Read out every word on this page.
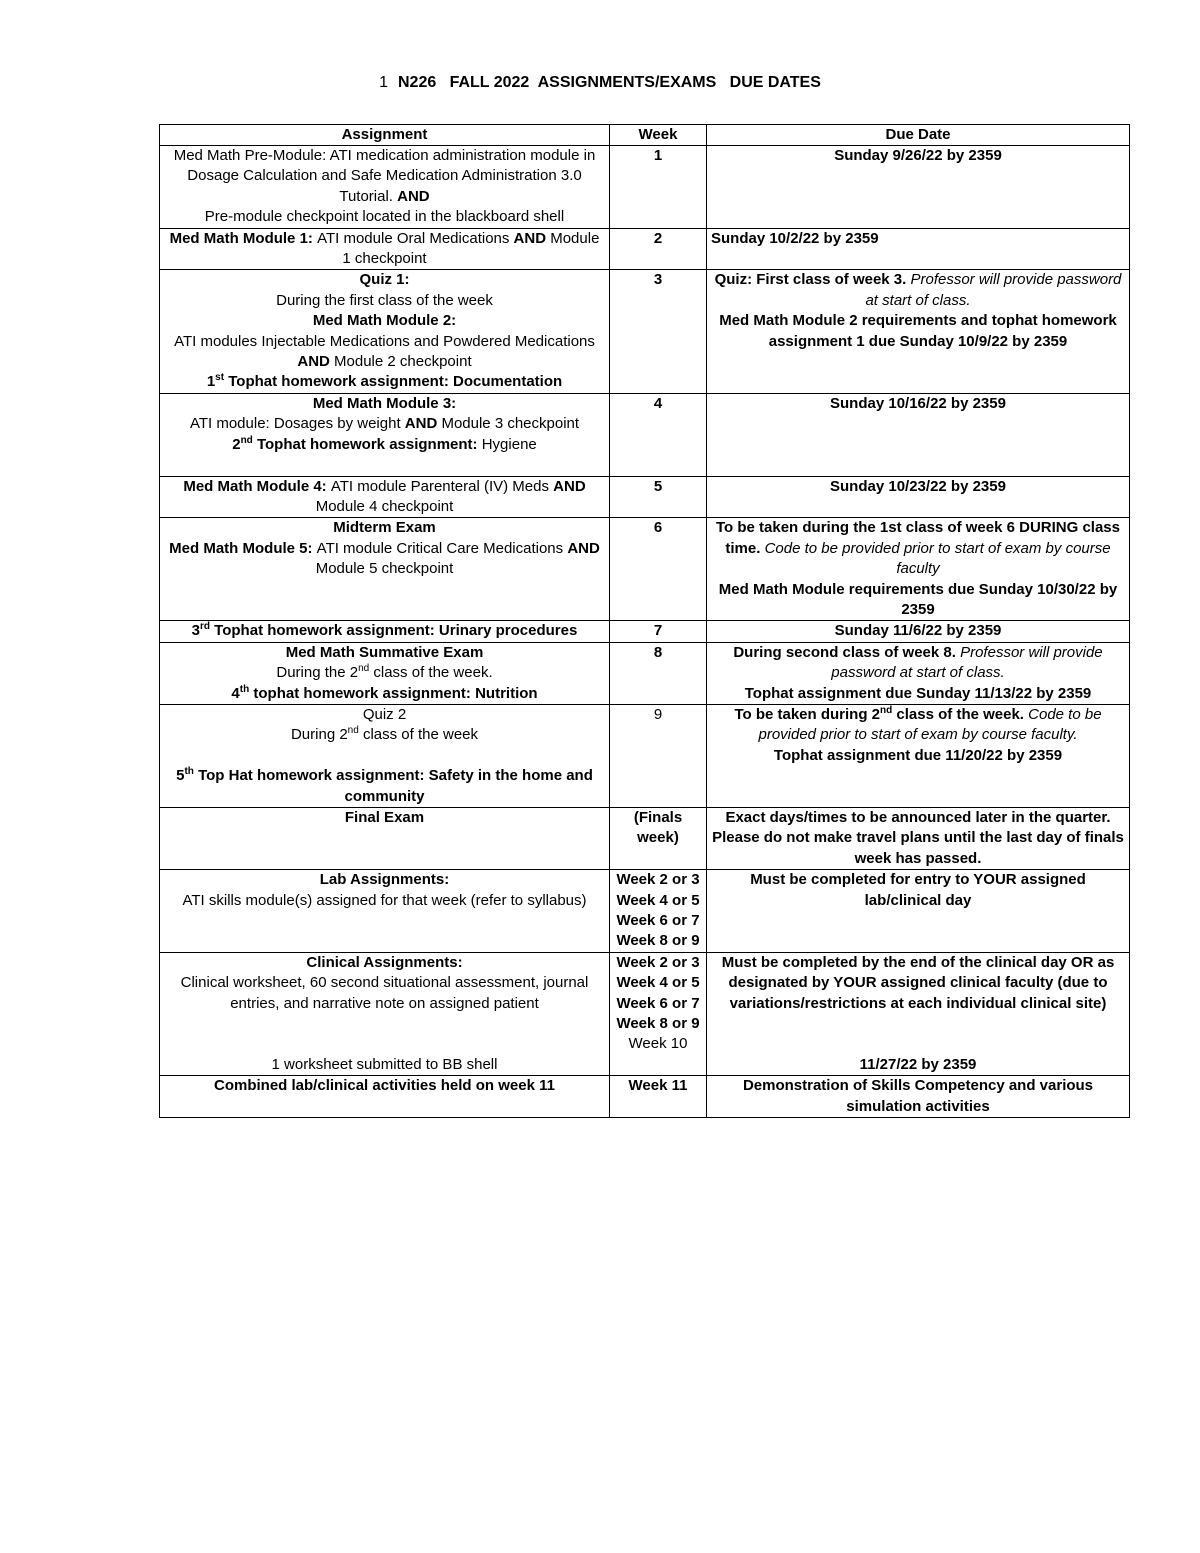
1 N226   FALL 2022  ASSIGNMENTS/EXAMS   DUE DATES
Assignment	Week	Due Date

Med Math Pre-Module: ATI medication administration module in Dosage Calculation and Safe Medication Administration 3.0 Tutorial. AND
Pre-module checkpoint located in the blackboard shell	1	Sunday 9/26/22 by 2359

Med Math Module 1: ATI module Oral Medications AND Module 1 checkpoint	2	Sunday 10/2/22 by 2359

Quiz 1:
During the first class of the week
Med Math Module 2:
ATI modules Injectable Medications and Powdered Medications AND Module 2 checkpoint
1st Tophat homework assignment: Documentation	3	Quiz: First class of week 3. Professor will provide password at start of class.
Med Math Module 2 requirements and tophat homework assignment 1 due Sunday 10/9/22 by 2359

Med Math Module 3:
ATI module: Dosages by weight AND Module 3 checkpoint
2nd Tophat homework assignment: Hygiene	4	Sunday 10/16/22 by 2359

Med Math Module 4: ATI module Parenteral (IV) Meds AND Module 4 checkpoint	5	Sunday 10/23/22 by 2359

Midterm Exam
Med Math Module 5: ATI module Critical Care Medications AND Module 5 checkpoint	6	To be taken during the 1st class of week 6 DURING class time. Code to be provided prior to start of exam by course faculty
Med Math Module requirements due Sunday 10/30/22 by 2359

3rd Tophat homework assignment: Urinary procedures	7	Sunday 11/6/22 by 2359

Med Math Summative Exam
During the 2nd class of the week.
4th tophat homework assignment: Nutrition	8	During second class of week 8. Professor will provide password at start of class.
Tophat assignment due Sunday 11/13/22 by 2359

Quiz 2
During 2nd class of the week

5th Top Hat homework assignment: Safety in the home and community	9	To be taken during 2nd class of the week. Code to be provided prior to start of exam by course faculty.
Tophat assignment due 11/20/22 by 2359

Final Exam	(Finals week)	Exact days/times to be announced later in the quarter. Please do not make travel plans until the last day of finals week has passed.

Lab Assignments:
ATI skills module(s) assigned for that week (refer to syllabus)	Week 2 or 3
Week 4 or 5
Week 6 or 7
Week 8 or 9	Must be completed for entry to YOUR assigned lab/clinical day

Clinical Assignments:
Clinical worksheet, 60 second situational assessment, journal entries, and narrative note on assigned patient

1 worksheet submitted to BB shell	Week 2 or 3
Week 4 or 5
Week 6 or 7
Week 8 or 9
Week 10	Must be completed by the end of the clinical day OR as designated by YOUR assigned clinical faculty (due to variations/restrictions at each individual clinical site)

11/27/22 by 2359

Combined lab/clinical activities held on week 11	Week 11	Demonstration of Skills Competency and various simulation activities
